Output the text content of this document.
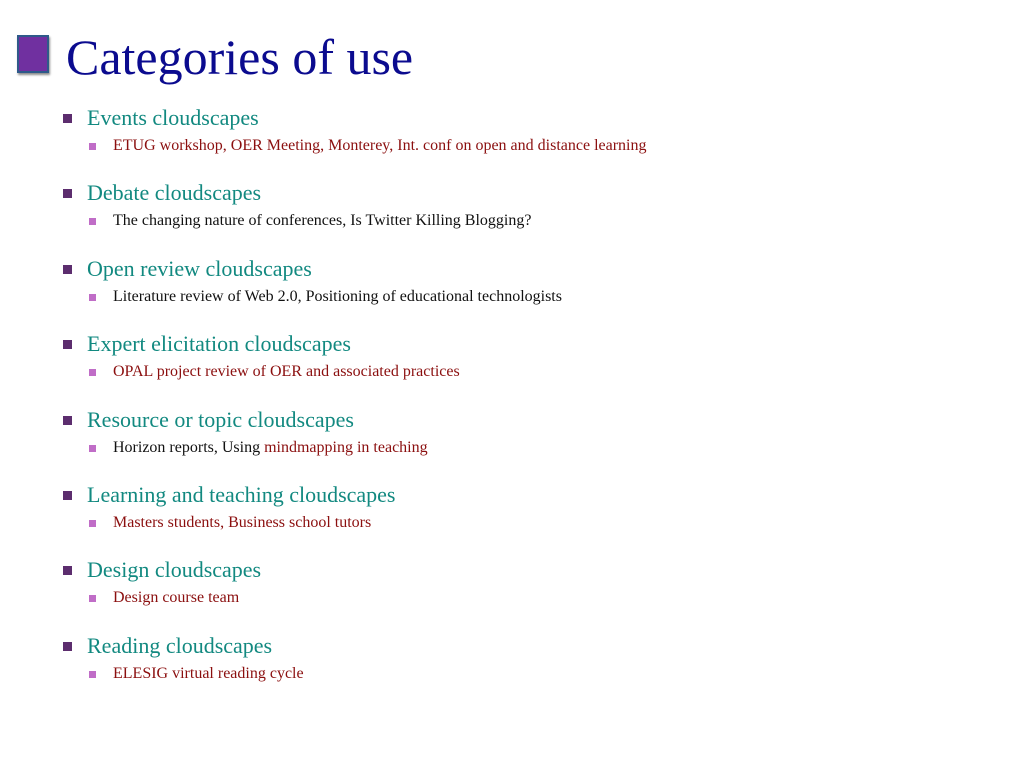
Categories of use
Events cloudscapes
ETUG workshop, OER Meeting, Monterey, Int. conf on open and distance learning
Debate cloudscapes
The changing nature of conferences, Is Twitter Killing Blogging?
Open review cloudscapes
Literature review of Web 2.0, Positioning of educational technologists
Expert elicitation cloudscapes
OPAL project review of OER and associated practices
Resource or topic cloudscapes
Horizon reports, Using mindmapping in teaching
Learning and teaching cloudscapes
Masters students, Business school tutors
Design cloudscapes
Design course team
Reading cloudscapes
ELESIG virtual reading cycle
